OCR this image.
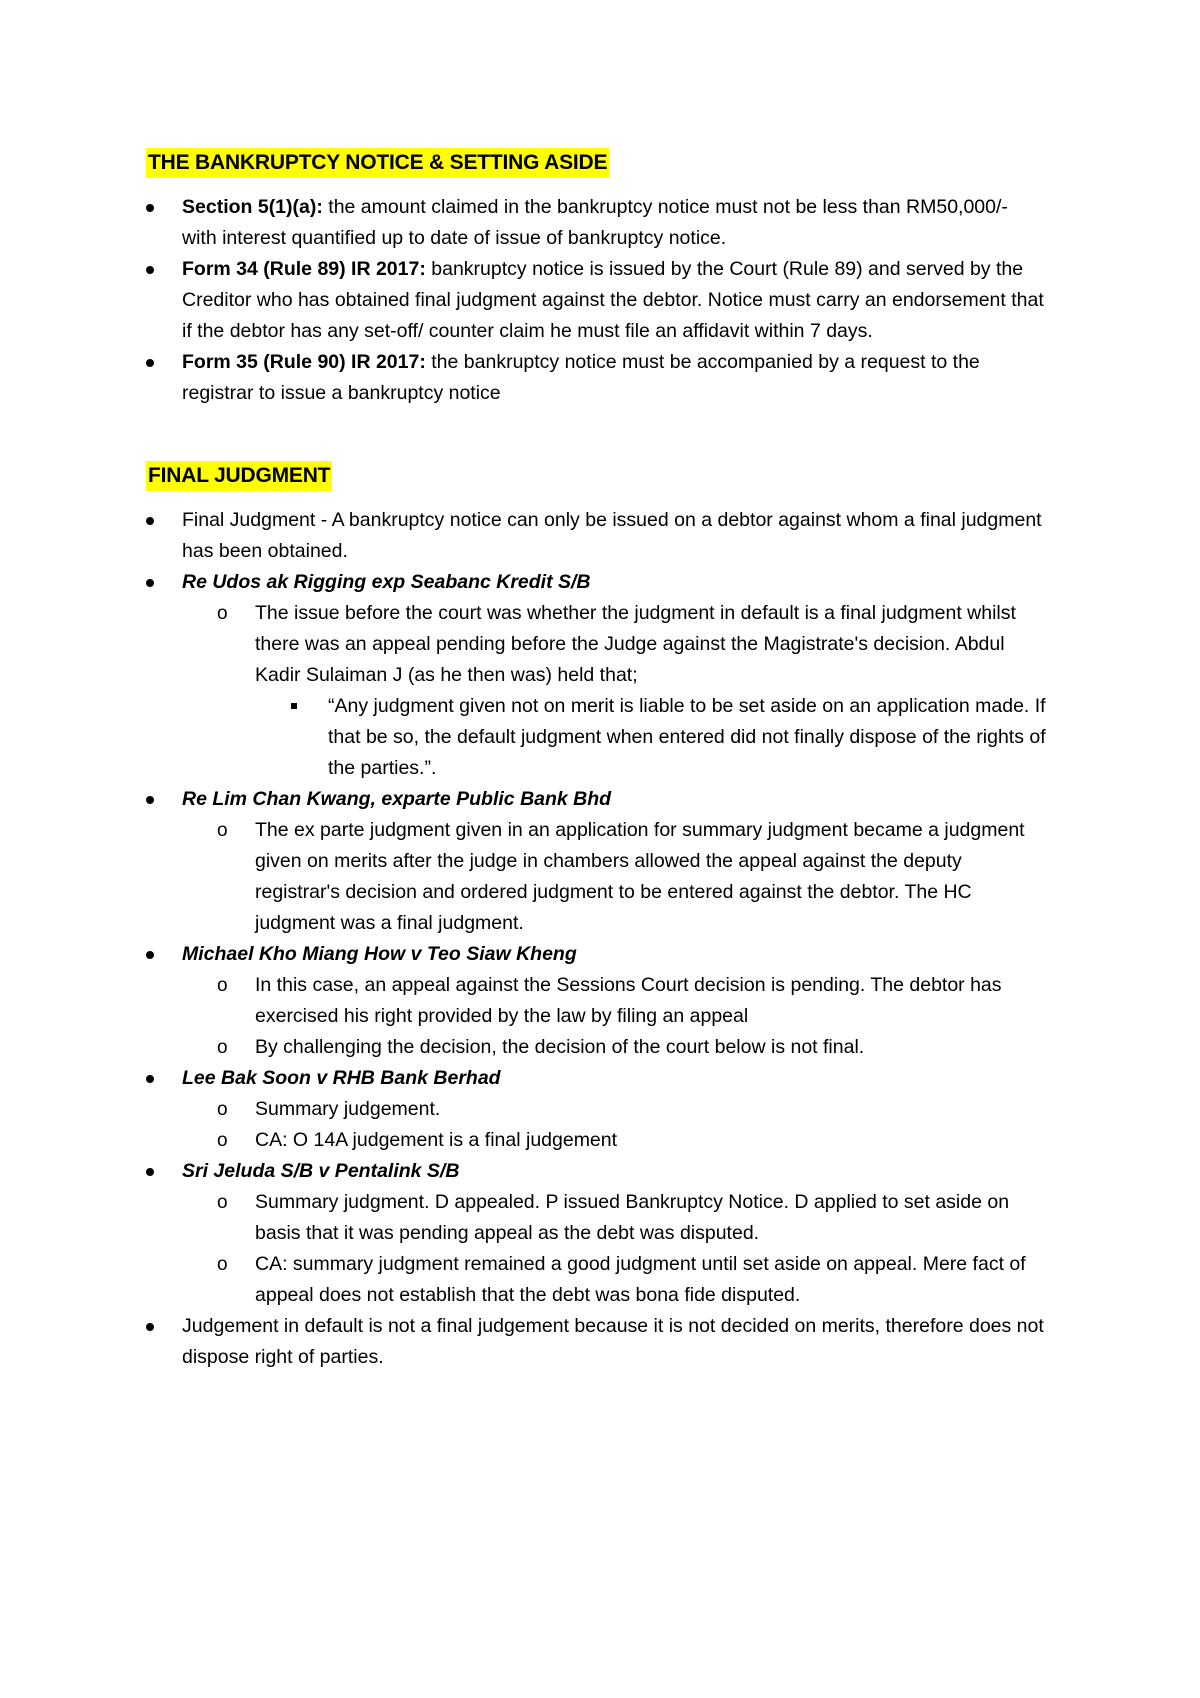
THE BANKRUPTCY NOTICE & SETTING ASIDE
Section 5(1)(a): the amount claimed in the bankruptcy notice must not be less than RM50,000/- with interest quantified up to date of issue of bankruptcy notice.
Form 34 (Rule 89) IR 2017: bankruptcy notice is issued by the Court (Rule 89) and served by the Creditor who has obtained final judgment against the debtor. Notice must carry an endorsement that if the debtor has any set-off/ counter claim he must file an affidavit within 7 days.
Form 35 (Rule 90) IR 2017: the bankruptcy notice must be accompanied by a request to the registrar to issue a bankruptcy notice
FINAL JUDGMENT
Final Judgment - A bankruptcy notice can only be issued on a debtor against whom a final judgment has been obtained.
Re Udos ak Rigging exp Seabanc Kredit S/B
o The issue before the court was whether the judgment in default is a final judgment whilst there was an appeal pending before the Judge against the Magistrate's decision. Abdul Kadir Sulaiman J (as he then was) held that;
“Any judgment given not on merit is liable to be set aside on an application made. If that be so, the default judgment when entered did not finally dispose of the rights of the parties.”.
Re Lim Chan Kwang, exparte Public Bank Bhd
o The ex parte judgment given in an application for summary judgment became a judgment given on merits after the judge in chambers allowed the appeal against the deputy registrar's decision and ordered judgment to be entered against the debtor. The HC judgment was a final judgment.
Michael Kho Miang How v Teo Siaw Kheng
o In this case, an appeal against the Sessions Court decision is pending. The debtor has exercised his right provided by the law by filing an appeal
o By challenging the decision, the decision of the court below is not final.
Lee Bak Soon v RHB Bank Berhad
o Summary judgement.
o CA: O 14A judgement is a final judgement
Sri Jeluda S/B v Pentalink S/B
o Summary judgment. D appealed. P issued Bankruptcy Notice. D applied to set aside on basis that it was pending appeal as the debt was disputed.
o CA: summary judgment remained a good judgment until set aside on appeal. Mere fact of appeal does not establish that the debt was bona fide disputed.
Judgement in default is not a final judgement because it is not decided on merits, therefore does not dispose right of parties.
